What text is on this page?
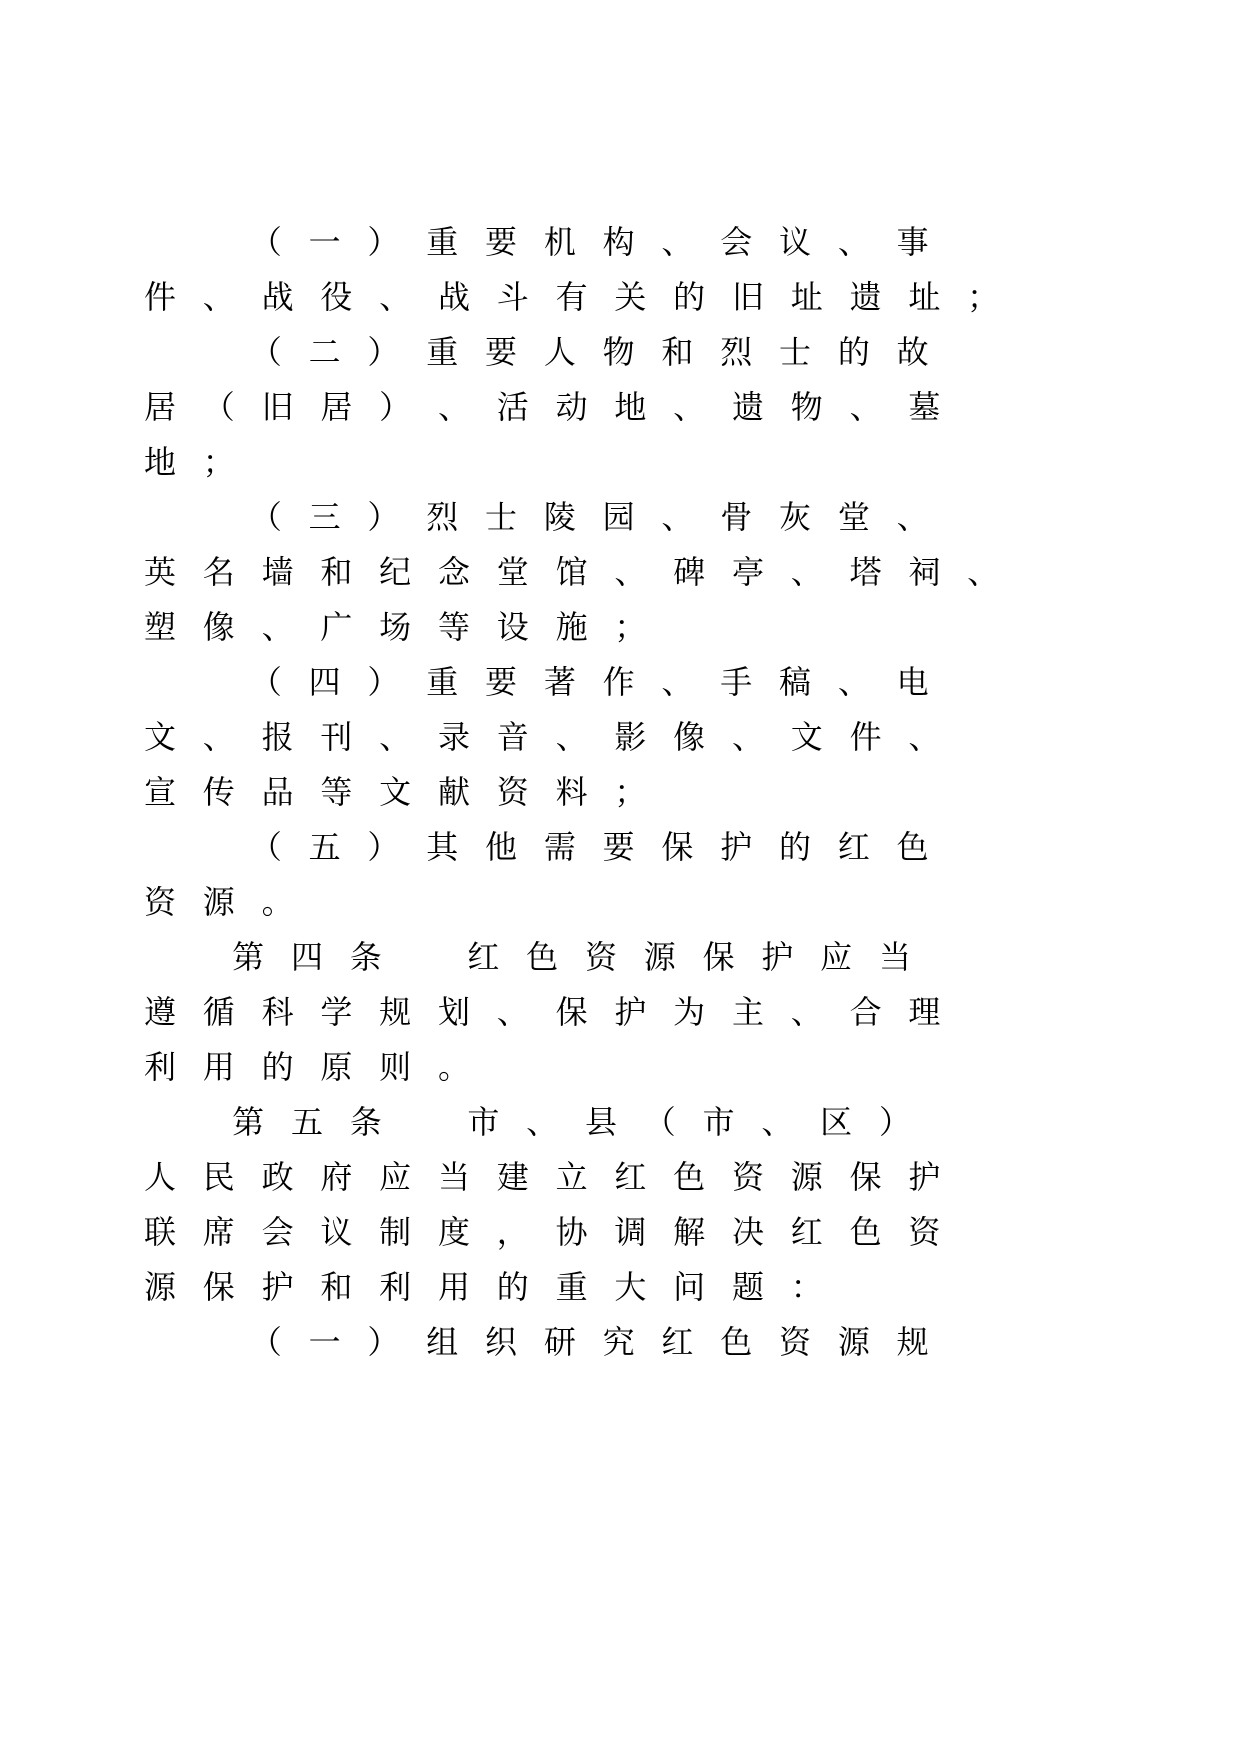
（ 一 ） 重 要 机 构 、 会 议 、 事
件 、 战 役 、 战 斗 有 关 的 旧 址 遗 址 ；
（ 二 ） 重 要 人 物 和 烈 士 的 故
居 （ 旧 居 ） 、 活 动 地 、 遗 物 、 墓
地 ；
（ 三 ） 烈 士 陵 园 、 骨 灰 堂 、
英 名 墙 和 纪 念 堂 馆 、 碑 亭 、 塔 祠 、
塑 像 、 广 场 等 设 施 ；
（ 四 ） 重 要 著 作 、 手 稿 、 电
文 、 报 刊 、 录 音 、 影 像 、 文 件 、
宣 传 品 等 文 献 资 料 ；
（ 五 ） 其 他 需 要 保 护 的 红 色
资 源 。
第 四 条	红 色 资 源 保 护 应 当
遵 循 科 学 规 划 、 保 护 为 主 、 合 理
利 用 的 原 则 。
第 五 条	市 、 县 （ 市 、 区 ）
人 民 政 府 应 当 建 立 红 色 资 源 保 护
联 席 会 议 制 度 ， 协 调 解 决 红 色 资
源 保 护 和 利 用 的 重 大 问 题 ：
（ 一 ） 组 织 研 究 红 色 资 源 规
